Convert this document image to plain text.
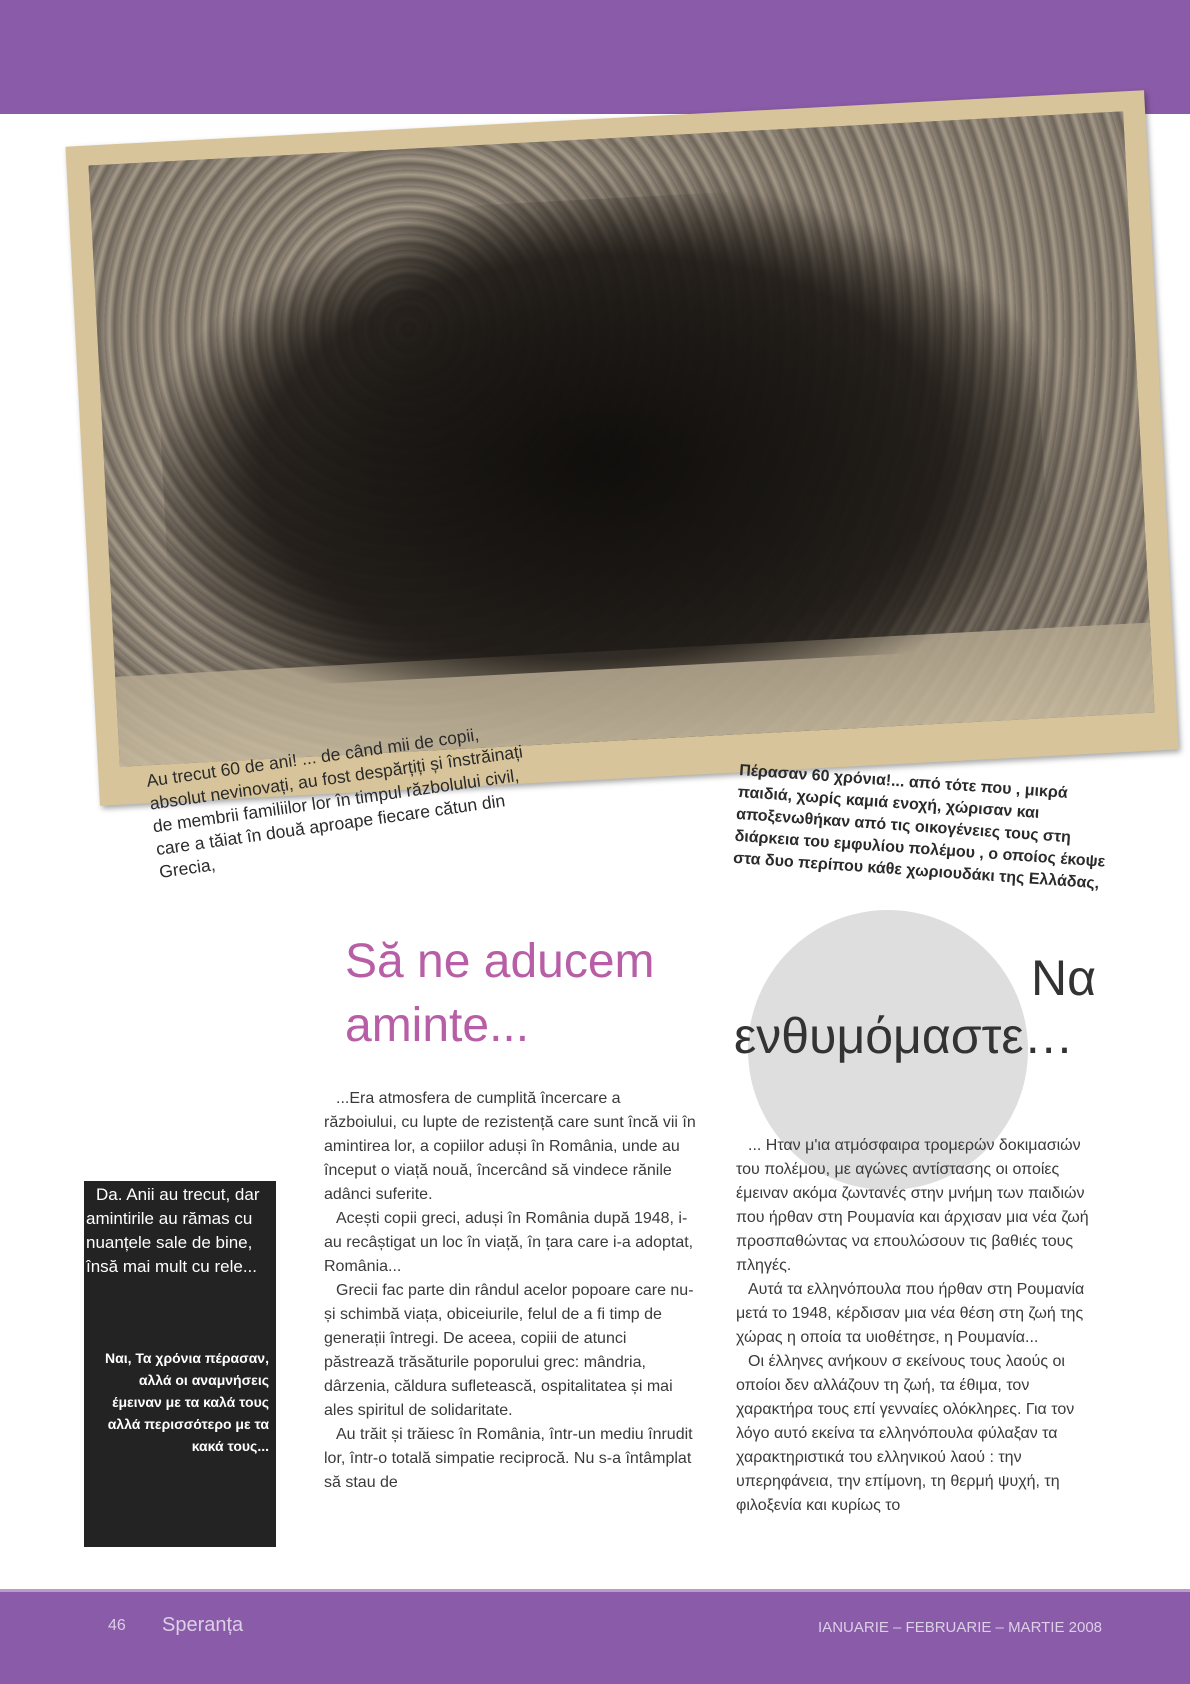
Au trecut 60 de ani! ... de când mii de copii, absolut nevinovați, au fost despărțiți și înstrăinați de membrii familiilor lor în timpul războlului civil, care a tăiat în două aproape fiecare cătun din Grecia,

Πέρασαν 60 χρόνια!... από τότε που , μικρά παιδιά, χωρίς καμιά ενοχή, χώρισαν και αποξενωθήκαν από τις οικογένειες τους στη διάρκεια του εμφυλίου πολέμου , ο οποίος έκοψε στα δυο περίπου κάθε χωριουδάκι της Ελλάδας,

Să ne aducem aminte...
Να
ενθυμόμαστε…

...Era atmosfera de cumplită încercare a războiului, cu lupte de rezistență care sunt încă vii în amintirea lor, a copiilor aduși în România, unde au început o viață nouă, încercând să vindece rănile adânci suferite.

Acești copii greci, aduși în România după 1948, i-au recâștigat un loc în viață, în țara care i-a adoptat, România...

Grecii fac parte din rândul acelor popoare care nu-și schimbă viața, obiceiurile, felul de a fi timp de generații întregi. De aceea, copiii de atunci păstrează trăsăturile poporului grec: mândria, dârzenia, căldura sufletească, ospitalitatea și mai ales spiritul de solidaritate.

Au trăit și trăiesc în România, într-un mediu înrudit lor, într-o totală simpatie reciprocă. Nu s-a întâmplat să stau de

... Ηταν μ'ια ατμόσφαιρα τρομερών δοκιμασιών του πολέμου, με αγώνες αντίστασης οι οποίες έμειναν ακόμα ζωντανές στην μνήμη των παιδιών που ήρθαν στη Ρουμανία και άρχισαν μια νέα ζωή προσπαθώντας να επουλώσουν τις βαθιές τους πληγές.

Αυτά τα ελληνόπουλα που ήρθαν στη Ρουμανία μετά το 1948, κέρδισαν μια νέα θέση στη ζωή της χώρας η οποία τα υιοθέτησε, η Ρουμανία...

Οι έλληνες ανήκουν σ εκείνους τους λαούς οι οποίοι δεν αλλάζουν τη ζωή, τα έθιμα, τον χαρακτήρα τους επί γενναίες ολόκληρες. Για τον λόγο αυτό εκείνα τα ελληνόπουλα φύλαξαν τα χαρακτηριστικά του ελληνικού λαού : την υπερηφάνεια, την επίμονη, τη θερμή ψυχή, τη φιλοξενία και κυρίως το

Da. Anii au trecut, dar amintirile au rămas cu nuanțele sale de bine, însă mai mult cu rele...

Ναι, Τα χρόνια πέρασαν, αλλά οι αναμνήσεις έμειναν με τα καλά τους αλλά περισσότερο με τα κακά τους...

46 Speranța	IANUARIE – FEBRUARIE – MARTIE 2008
